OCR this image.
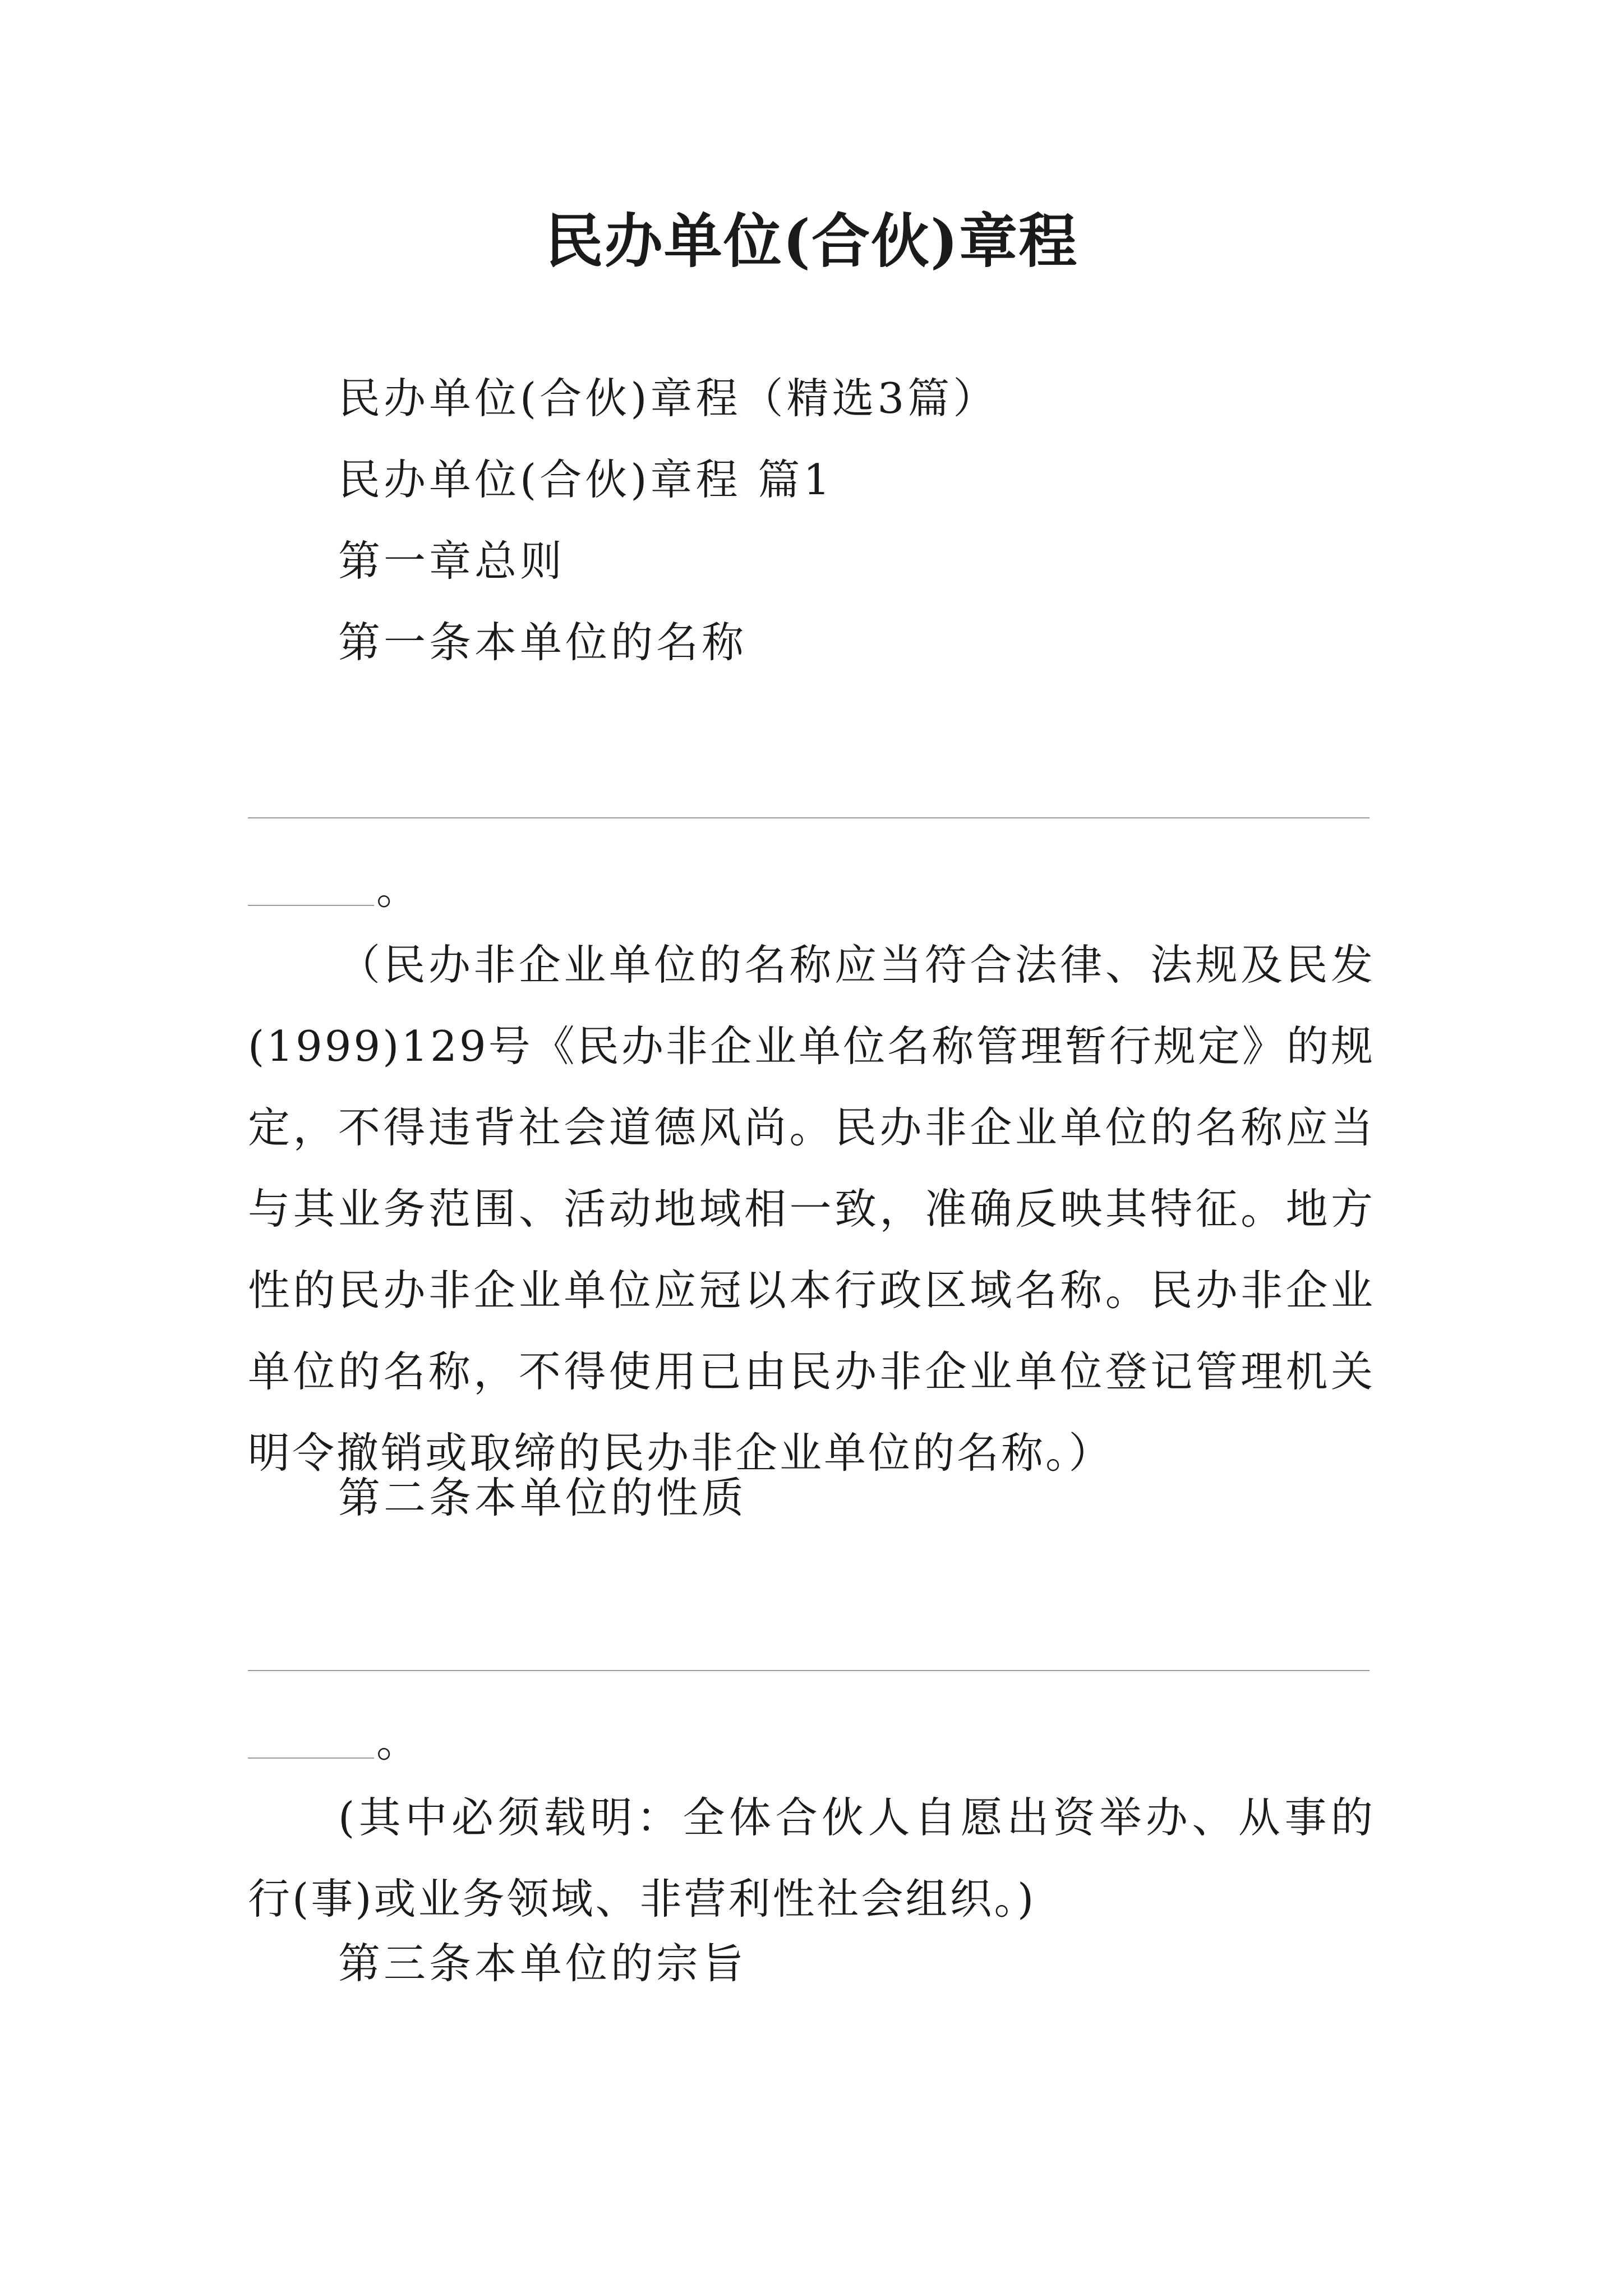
民办单位(合伙)章程
民办单位(合伙)章程（精选3篇）
民办单位(合伙)章程 篇1
第一章总则
第一条本单位的名称
。

（民办非企业单位的名称应当符合法律、法规及民发(1999)129号《民办非企业单位名称管理暂行规定》的规定，不得违背社会道德风尚。民办非企业单位的名称应当与其业务范围、活动地域相一致，准确反映其特征。地方性的民办非企业单位应冠以本行政区域名称。民办非企业单位的名称，不得使用已由民办非企业单位登记管理机关明令撤销或取缔的民办非企业单位的名称。）

第二条本单位的性质
。

(其中必须载明：全体合伙人自愿出资举办、从事的行(事)或业务领域、非营利性社会组织。)

第三条本单位的宗旨
